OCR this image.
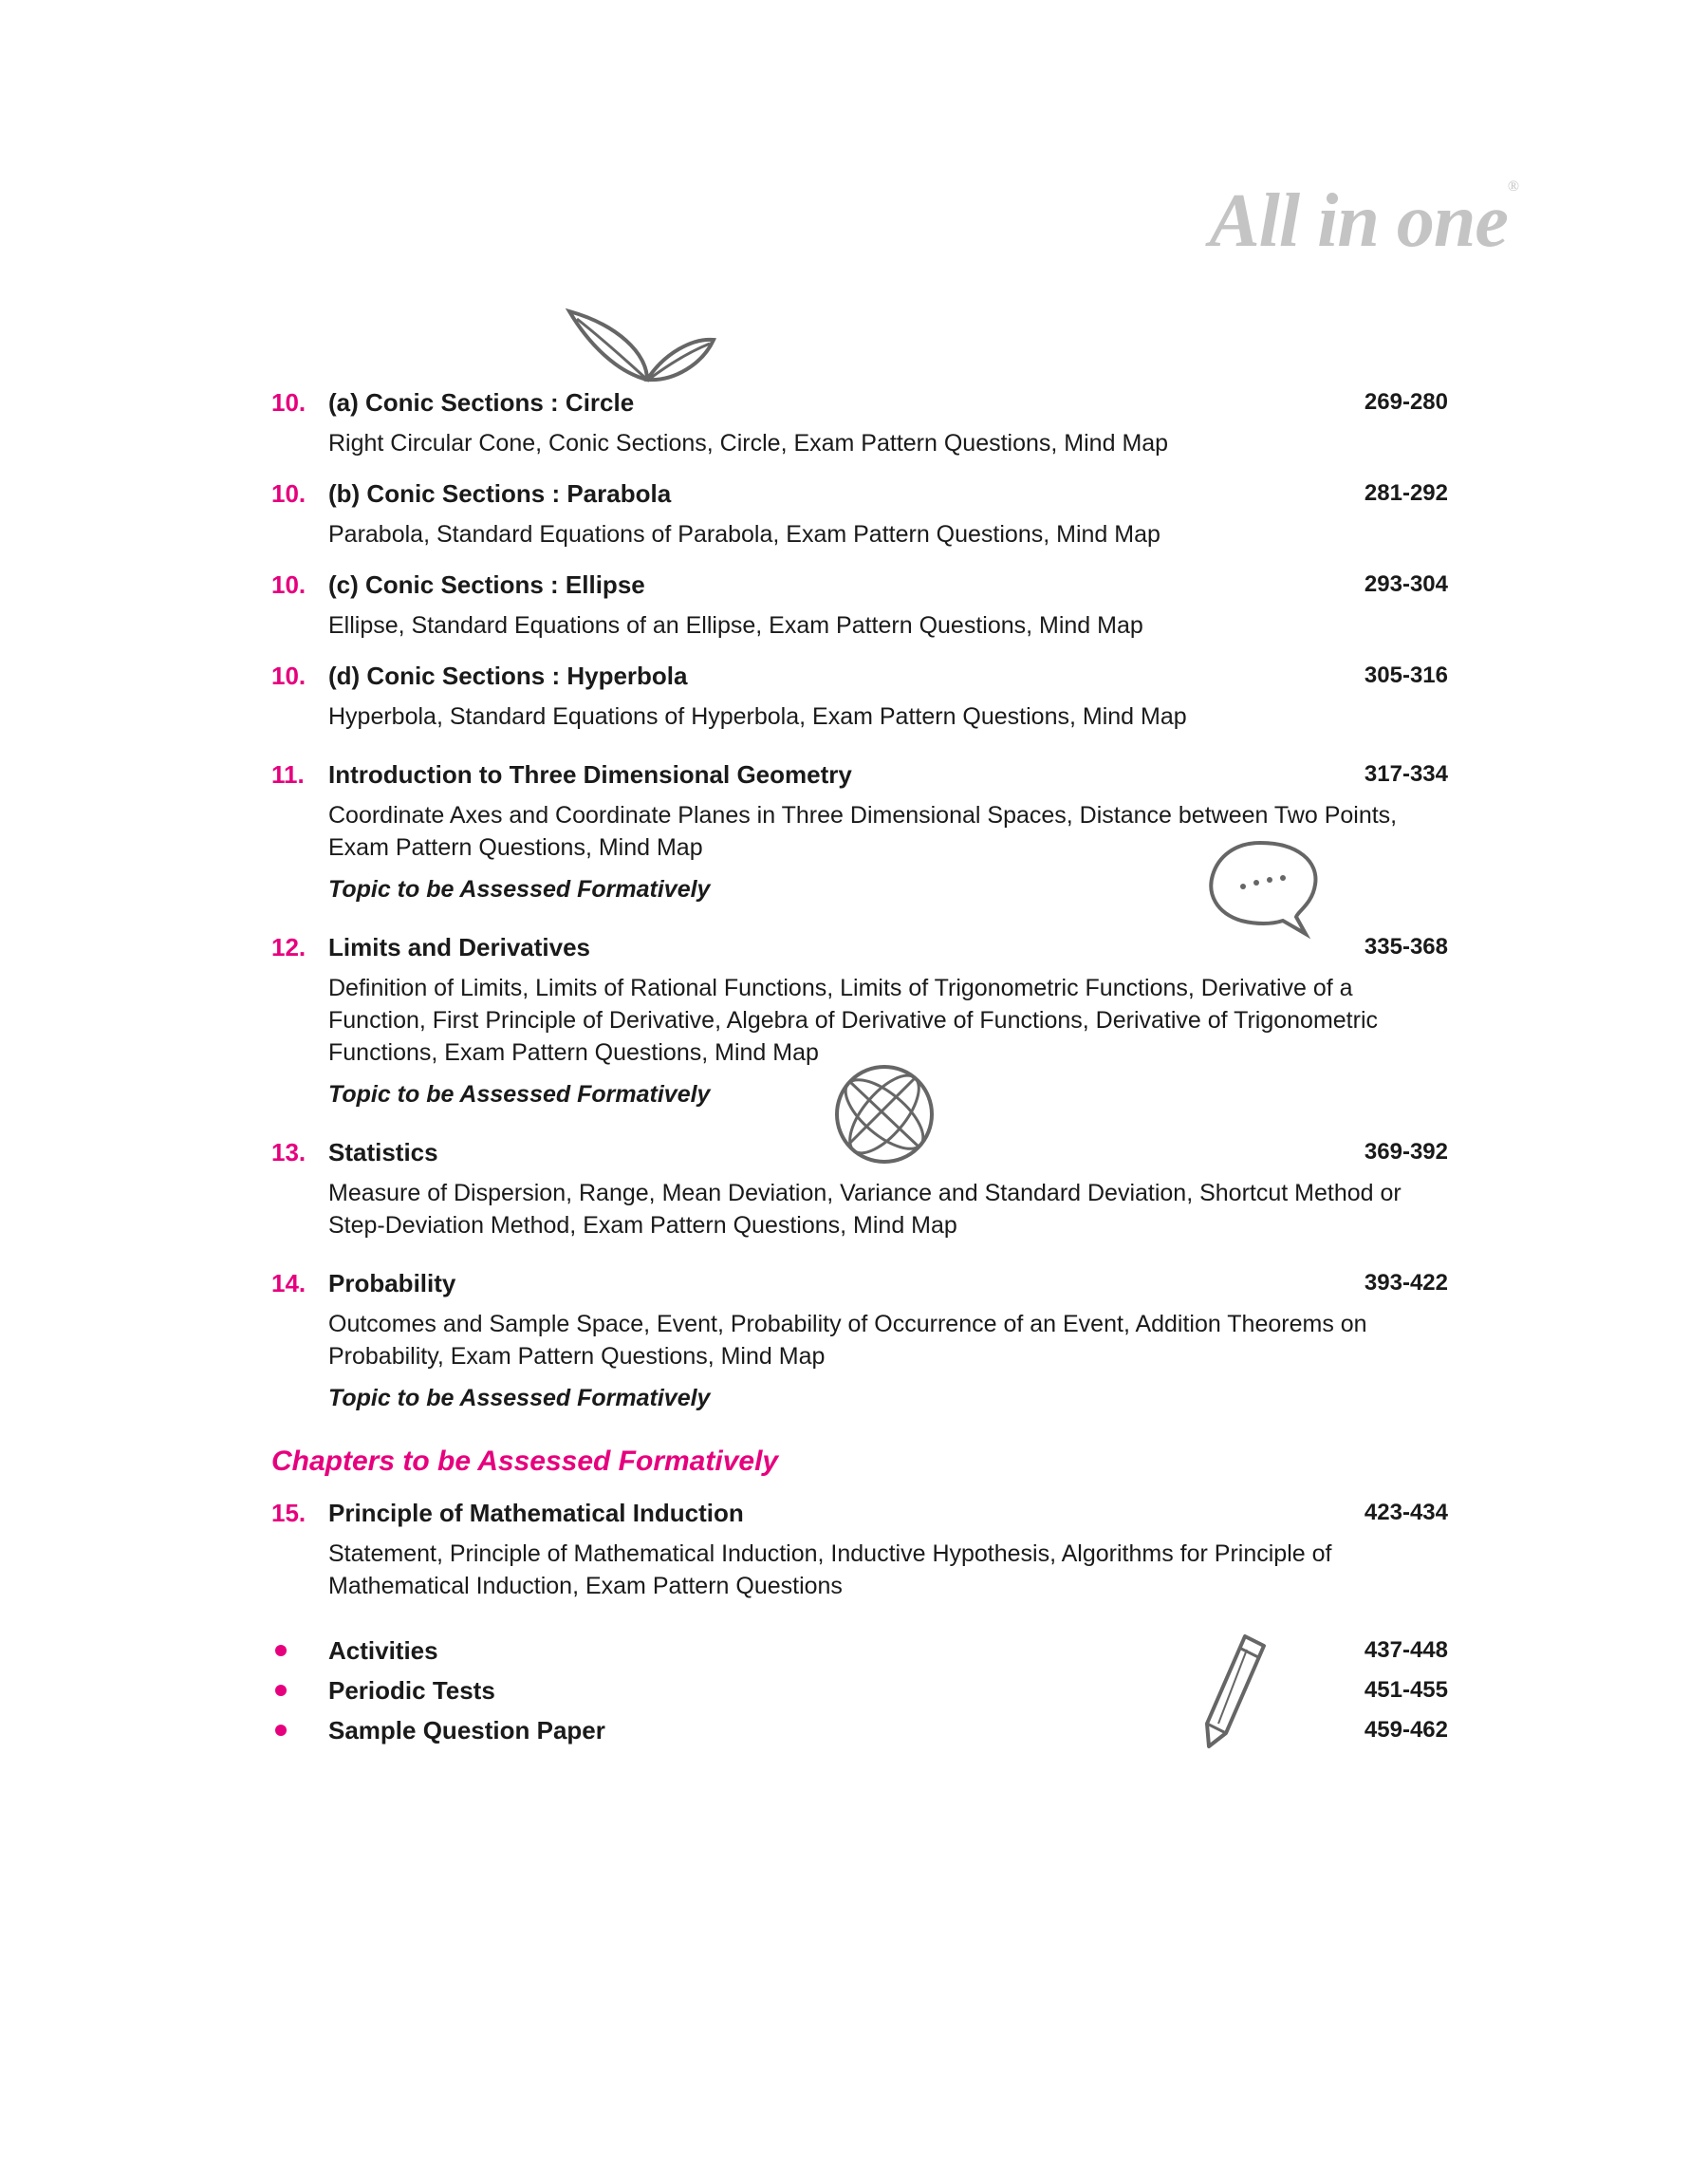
All in one®
10. (a) Conic Sections : Circle	269-280
Right Circular Cone, Conic Sections, Circle, Exam Pattern Questions, Mind Map
10. (b) Conic Sections : Parabola	281-292
Parabola, Standard Equations of Parabola, Exam Pattern Questions, Mind Map
10. (c) Conic Sections : Ellipse	293-304
Ellipse, Standard Equations of an Ellipse, Exam Pattern Questions, Mind Map
10. (d) Conic Sections : Hyperbola	305-316
Hyperbola, Standard Equations of Hyperbola, Exam Pattern Questions, Mind Map
11. Introduction to Three Dimensional Geometry	317-334
Coordinate Axes and Coordinate Planes in Three Dimensional Spaces, Distance between Two Points, Exam Pattern Questions, Mind Map
Topic to be Assessed Formatively
12. Limits and Derivatives	335-368
Definition of Limits, Limits of Rational Functions, Limits of Trigonometric Functions, Derivative of a Function, First Principle of Derivative, Algebra of Derivative of Functions, Derivative of Trigonometric Functions, Exam Pattern Questions, Mind Map
Topic to be Assessed Formatively
13. Statistics	369-392
Measure of Dispersion, Range, Mean Deviation, Variance and Standard Deviation, Shortcut Method or Step-Deviation Method, Exam Pattern Questions, Mind Map
14. Probability	393-422
Outcomes and Sample Space, Event, Probability of Occurrence of an Event, Addition Theorems on Probability, Exam Pattern Questions, Mind Map
Topic to be Assessed Formatively
Chapters to be Assessed Formatively
15. Principle of Mathematical Induction	423-434
Statement, Principle of Mathematical Induction, Inductive Hypothesis, Algorithms for Principle of Mathematical Induction, Exam Pattern Questions
Activities	437-448
Periodic Tests	451-455
Sample Question Paper	459-462
